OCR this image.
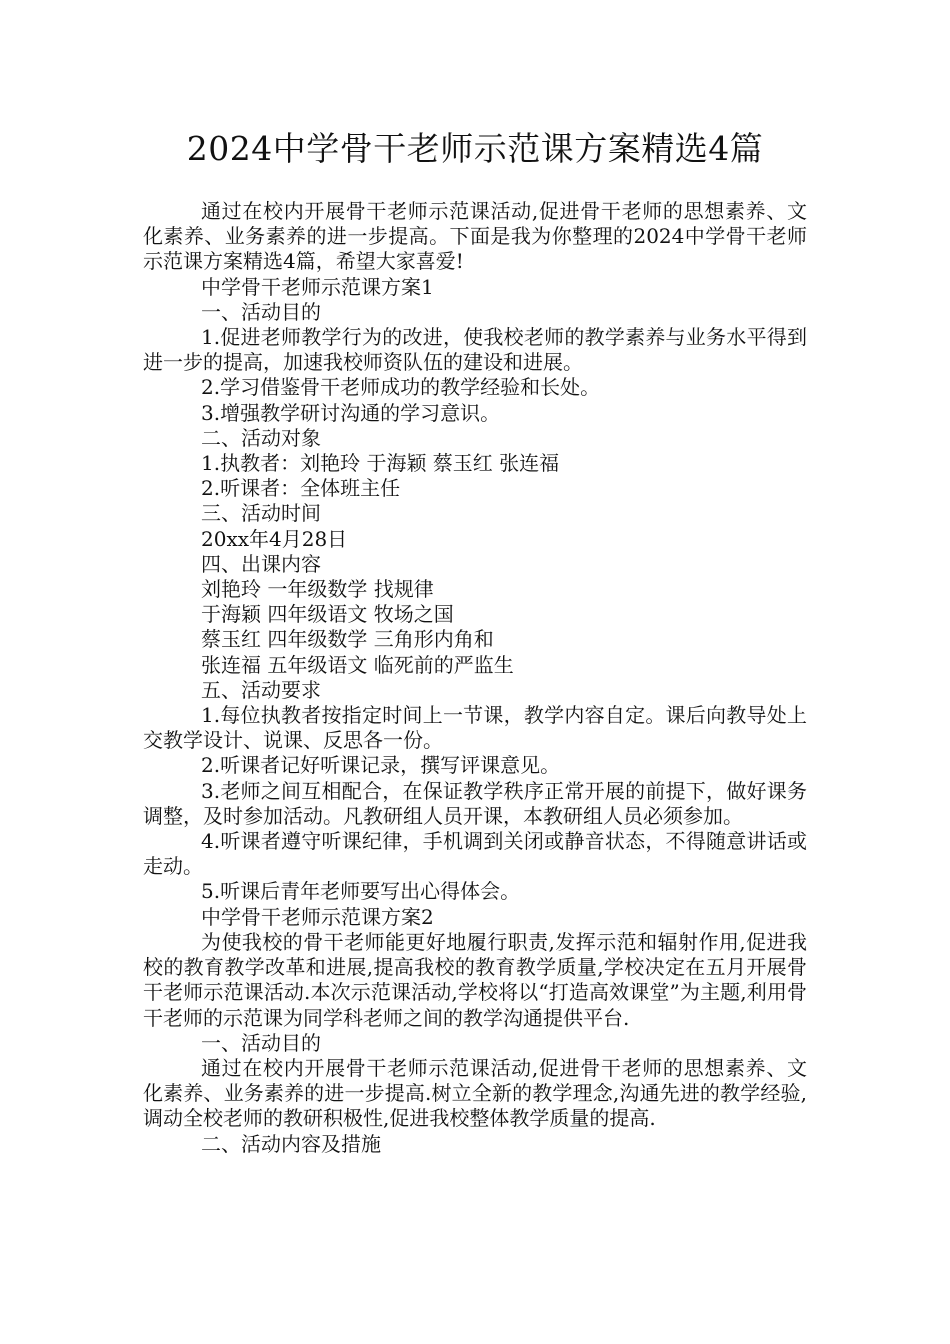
2024中学骨干老师示范课方案精选4篇

通过在校内开展骨干老师示范课活动,促进骨干老师的思想素养、文化素养、业务素养的进一步提高。下面是我为你整理的2024中学骨干老师示范课方案精选4篇，希望大家喜爱!

中学骨干老师示范课方案1

一、活动目的

1.促进老师教学行为的改进，使我校老师的教学素养与业务水平得到进一步的提高，加速我校师资队伍的建设和进展。

2.学习借鉴骨干老师成功的教学经验和长处。

3.增强教学研讨沟通的学习意识。

二、活动对象

1.执教者：刘艳玲 于海颖 蔡玉红 张连福

2.听课者：全体班主任

三、活动时间

20xx年4月28日

四、出课内容

刘艳玲 一年级数学 找规律

于海颖 四年级语文 牧场之国

蔡玉红 四年级数学 三角形内角和

张连福 五年级语文 临死前的严监生

五、活动要求

1.每位执教者按指定时间上一节课，教学内容自定。课后向教导处上交教学设计、说课、反思各一份。

2.听课者记好听课记录，撰写评课意见。

3.老师之间互相配合，在保证教学秩序正常开展的前提下，做好课务调整，及时参加活动。凡教研组人员开课，本教研组人员必须参加。

4.听课者遵守听课纪律，手机调到关闭或静音状态，不得随意讲话或走动。

5.听课后青年老师要写出心得体会。

中学骨干老师示范课方案2

为使我校的骨干老师能更好地履行职责,发挥示范和辐射作用,促进我校的教育教学改革和进展,提高我校的教育教学质量,学校决定在五月开展骨干老师示范课活动.本次示范课活动,学校将以“打造高效课堂”为主题,利用骨干老师的示范课为同学科老师之间的教学沟通提供平台.

一、活动目的

通过在校内开展骨干老师示范课活动,促进骨干老师的思想素养、文化素养、业务素养的进一步提高.树立全新的教学理念,沟通先进的教学经验,调动全校老师的教研积极性,促进我校整体教学质量的提高.

二、活动内容及措施
